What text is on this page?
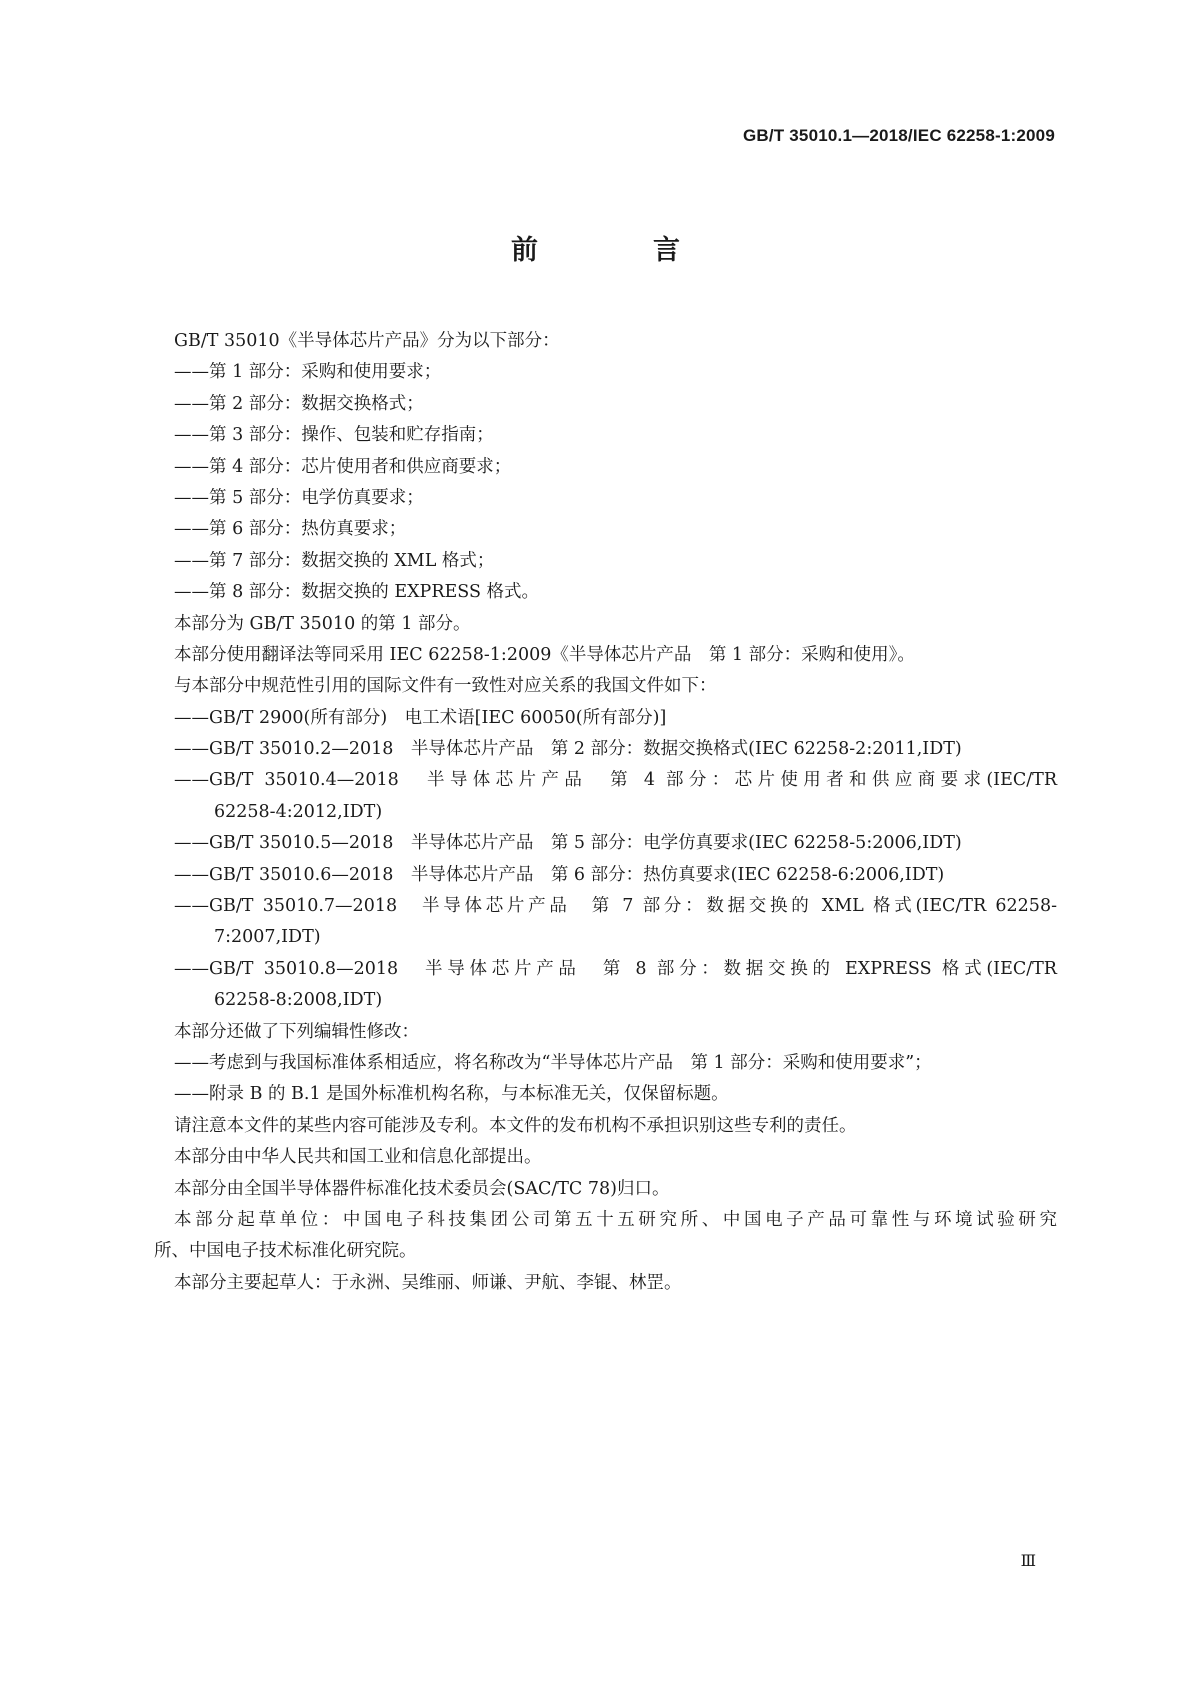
GB/T 35010.1—2018/IEC 62258-1:2009
前　言
GB/T 35010《半导体芯片产品》分为以下部分：
——第 1 部分：采购和使用要求；
——第 2 部分：数据交换格式；
——第 3 部分：操作、包装和贮存指南；
——第 4 部分：芯片使用者和供应商要求；
——第 5 部分：电学仿真要求；
——第 6 部分：热仿真要求；
——第 7 部分：数据交换的 XML 格式；
——第 8 部分：数据交换的 EXPRESS 格式。
本部分为 GB/T 35010 的第 1 部分。
本部分使用翻译法等同采用 IEC 62258-1:2009《半导体芯片产品　第 1 部分：采购和使用》。
与本部分中规范性引用的国际文件有一致性对应关系的我国文件如下：
——GB/T 2900(所有部分)　电工术语[IEC 60050(所有部分)]
——GB/T 35010.2—2018　半导体芯片产品　第 2 部分：数据交换格式(IEC 62258-2:2011,IDT)
——GB/T 35010.4—2018　半导体芯片产品　第 4 部分：芯片使用者和供应商要求(IEC/TR
62258-4:2012,IDT)
——GB/T 35010.5—2018　半导体芯片产品　第 5 部分：电学仿真要求(IEC 62258-5:2006,IDT)
——GB/T 35010.6—2018　半导体芯片产品　第 6 部分：热仿真要求(IEC 62258-6:2006,IDT)
——GB/T 35010.7—2018　半导体芯片产品　第 7 部分：数据交换的 XML 格式(IEC/TR 62258-
7:2007,IDT)
——GB/T 35010.8—2018　半导体芯片产品　第 8 部分：数据交换的 EXPRESS 格式(IEC/TR
62258-8:2008,IDT)
本部分还做了下列编辑性修改：
——考虑到与我国标准体系相适应，将名称改为“半导体芯片产品　第 1 部分：采购和使用要求”；
——附录 B 的 B.1 是国外标准机构名称，与本标准无关，仅保留标题。
请注意本文件的某些内容可能涉及专利。本文件的发布机构不承担识别这些专利的责任。
本部分由中华人民共和国工业和信息化部提出。
本部分由全国半导体器件标准化技术委员会(SAC/TC 78)归口。
本部分起草单位：中国电子科技集团公司第五十五研究所、中国电子产品可靠性与环境试验研究
所、中国电子技术标准化研究院。
本部分主要起草人：于永洲、吴维丽、师谦、尹航、李锟、林罡。
Ⅲ
